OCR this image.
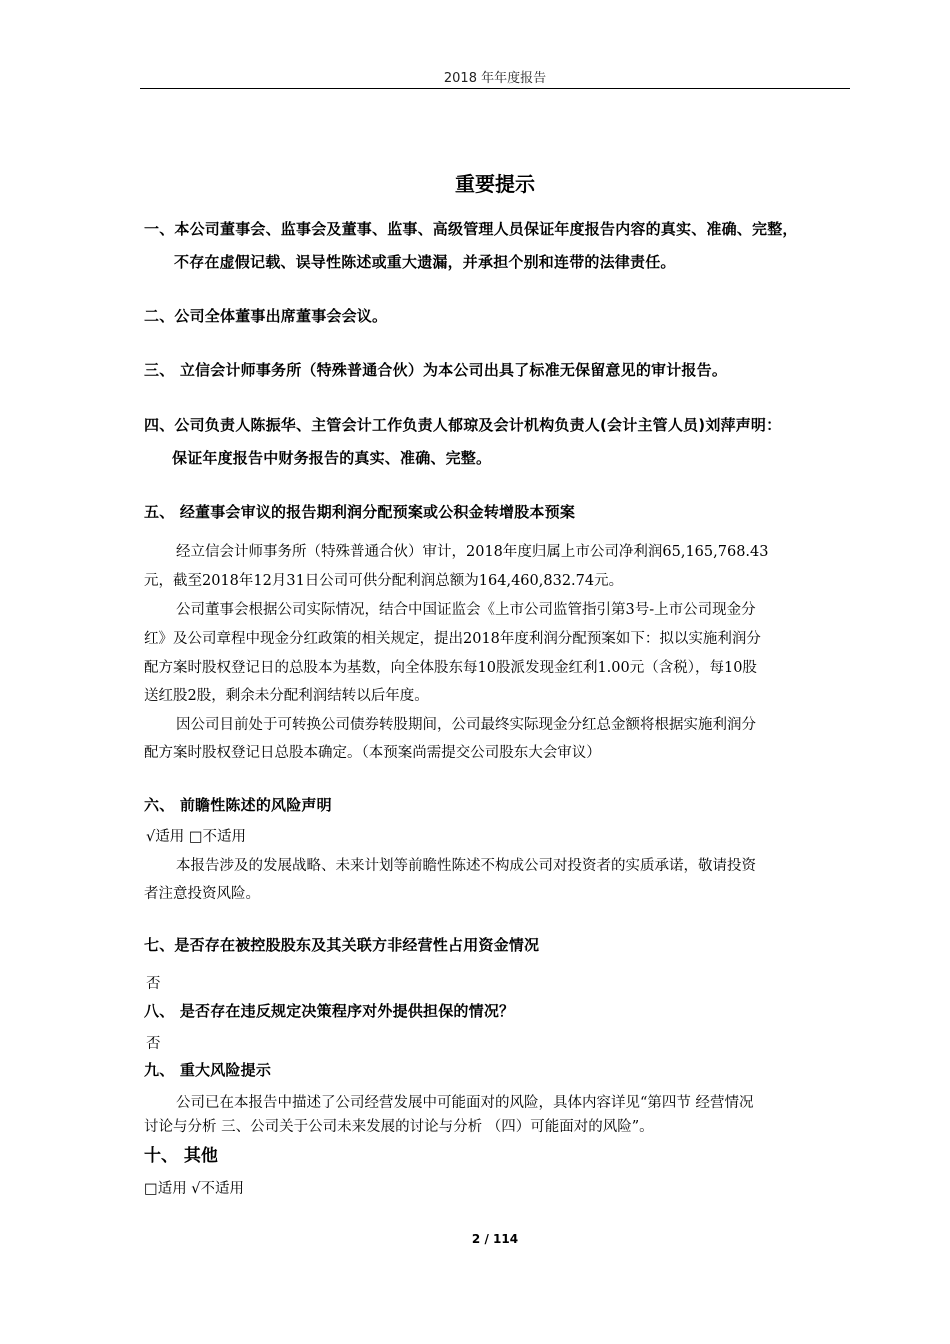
2018 年年度报告
重要提示
一、本公司董事会、监事会及董事、监事、高级管理人员保证年度报告内容的真实、准确、完整，
不存在虚假记载、误导性陈述或重大遗漏，并承担个别和连带的法律责任。
二、公司全体董事出席董事会会议。
三、 立信会计师事务所（特殊普通合伙）为本公司出具了标准无保留意见的审计报告。
四、公司负责人陈振华、主管会计工作负责人郁琼及会计机构负责人(会计主管人员)刘萍声明：
保证年度报告中财务报告的真实、准确、完整。
五、 经董事会审议的报告期利润分配预案或公积金转增股本预案
经立信会计师事务所（特殊普通合伙）审计，2018年度归属上市公司净利润65,165,768.43
元，截至2018年12月31日公司可供分配利润总额为164,460,832.74元。
公司董事会根据公司实际情况，结合中国证监会《上市公司监管指引第3号-上市公司现金分
红》及公司章程中现金分红政策的相关规定，提出2018年度利润分配预案如下：拟以实施利润分
配方案时股权登记日的总股本为基数，向全体股东每10股派发现金红利1.00元（含税），每10股
送红股2股，剩余未分配利润结转以后年度。
因公司目前处于可转换公司债券转股期间，公司最终实际现金分红总金额将根据实施利润分
配方案时股权登记日总股本确定。（本预案尚需提交公司股东大会审议）
六、 前瞻性陈述的风险声明
√适用 □不适用
本报告涉及的发展战略、未来计划等前瞻性陈述不构成公司对投资者的实质承诺，敬请投资
者注意投资风险。
七、是否存在被控股股东及其关联方非经营性占用资金情况
否
八、 是否存在违反规定决策程序对外提供担保的情况？
否
九、 重大风险提示
公司已在本报告中描述了公司经营发展中可能面对的风险，具体内容详见“第四节 经营情况
讨论与分析 三、公司关于公司未来发展的讨论与分析 （四）可能面对的风险”。
十、 其他
□适用 √不适用
2 / 114
